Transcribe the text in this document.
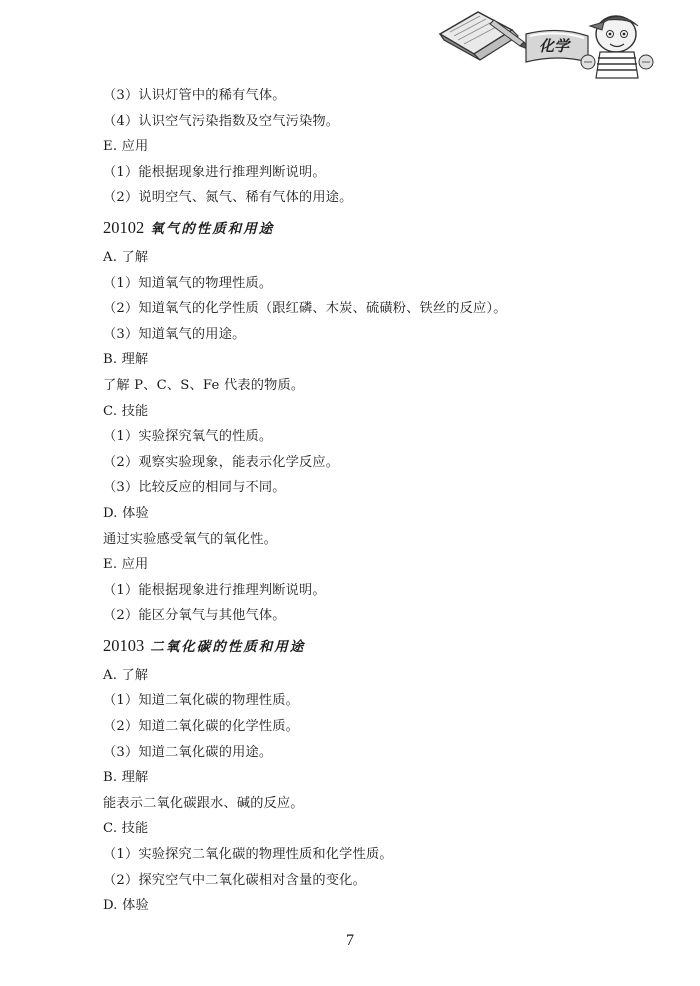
化学
（3）认识灯管中的稀有气体。
（4）认识空气污染指数及空气污染物。
E. 应用
（1）能根据现象进行推理判断说明。
（2）说明空气、氮气、稀有气体的用途。
20102 氧气的性质和用途
A. 了解
（1）知道氧气的物理性质。
（2）知道氧气的化学性质（跟红磷、木炭、硫磺粉、铁丝的反应）。
（3）知道氧气的用途。
B. 理解
了解 P、C、S、Fe 代表的物质。
C. 技能
（1）实验探究氧气的性质。
（2）观察实验现象，能表示化学反应。
（3）比较反应的相同与不同。
D. 体验
通过实验感受氧气的氧化性。
E. 应用
（1）能根据现象进行推理判断说明。
（2）能区分氧气与其他气体。
20103 二氧化碳的性质和用途
A. 了解
（1）知道二氧化碳的物理性质。
（2）知道二氧化碳的化学性质。
（3）知道二氧化碳的用途。
B. 理解
能表示二氧化碳跟水、碱的反应。
C. 技能
（1）实验探究二氧化碳的物理性质和化学性质。
（2）探究空气中二氧化碳相对含量的变化。
D. 体验
7
